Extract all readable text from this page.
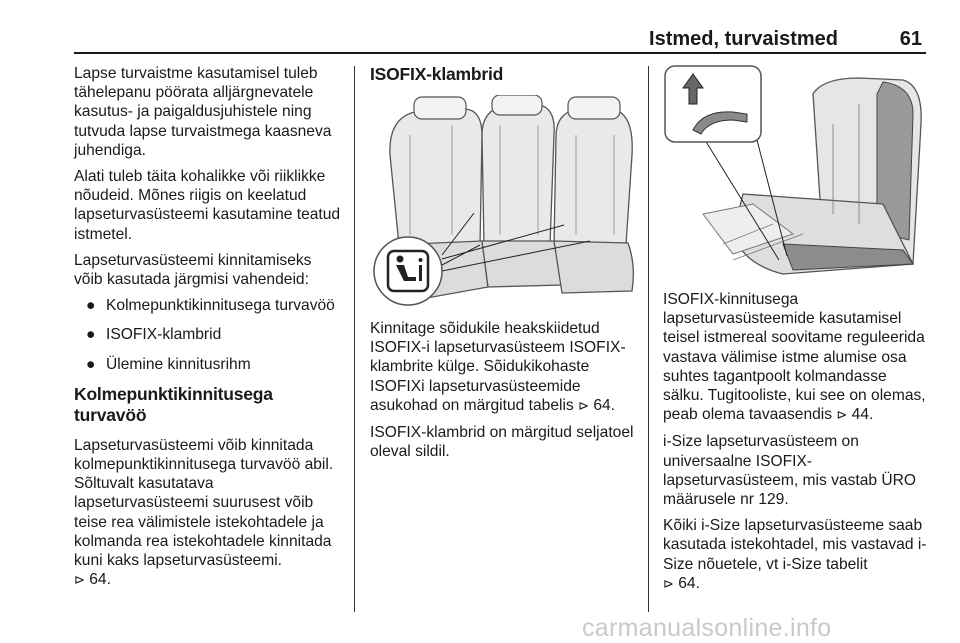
Istmed, turvaistmed	61

Lapse turvaistme kasutamisel tuleb tähelepanu pöörata alljärgnevatele kasutus- ja paigaldusjuhistele ning tutvuda lapse turvaistmega kaasneva juhendiga.

Alati tuleb täita kohalikke või riiklikke nõudeid. Mõnes riigis on keelatud lapseturvasüsteemi kasutamine teatud istmetel.

Lapseturvasüsteemi kinnitamiseks võib kasutada järgmisi vahendeid:

● Kolmepunktikinnitusega turvavöö
● ISOFIX-klambrid
● Ülemine kinnitusrihm
Kolmepunktikinnitusega turvavöö

Lapseturvasüsteemi võib kinnitada kolmepunktikinnitusega turvavöö abil. Sõltuvalt kasutatava lapseturvasüsteemi suurusest võib teise rea välimistele istekohtadele ja kolmanda rea istekohtadele kinnitada kuni kaks lapseturvasüsteemi.
⊳ 64.

ISOFIX-klambrid

Kinnitage sõidukile heakskiidetud ISOFIX-i lapseturvasüsteem ISOFIX-klambrite külge. Sõidukikohaste ISOFIXi lapseturvasüsteemide asukohad on märgitud tabelis ⊳ 64.

ISOFIX-klambrid on märgitud seljatoel oleval sildil.

ISOFIX-kinnitusega lapseturvasüsteemide kasutamisel teisel istmereal soovitame reguleerida vastava välimise istme alumise osa suhtes tagantpoolt kolmandasse sälku. Tugitooliste, kui see on olemas, peab olema tavaasendis ⊳ 44.

i-Size lapseturvasüsteem on universaalne ISOFIX-lapseturvasüsteem, mis vastab ÜRO määrusele nr 129.

Kõiki i-Size lapseturvasüsteeme saab kasutada istekohtadel, mis vastavad i-Size nõuetele, vt i-Size tabelit
⊳ 64.

carmanualsonline.info
